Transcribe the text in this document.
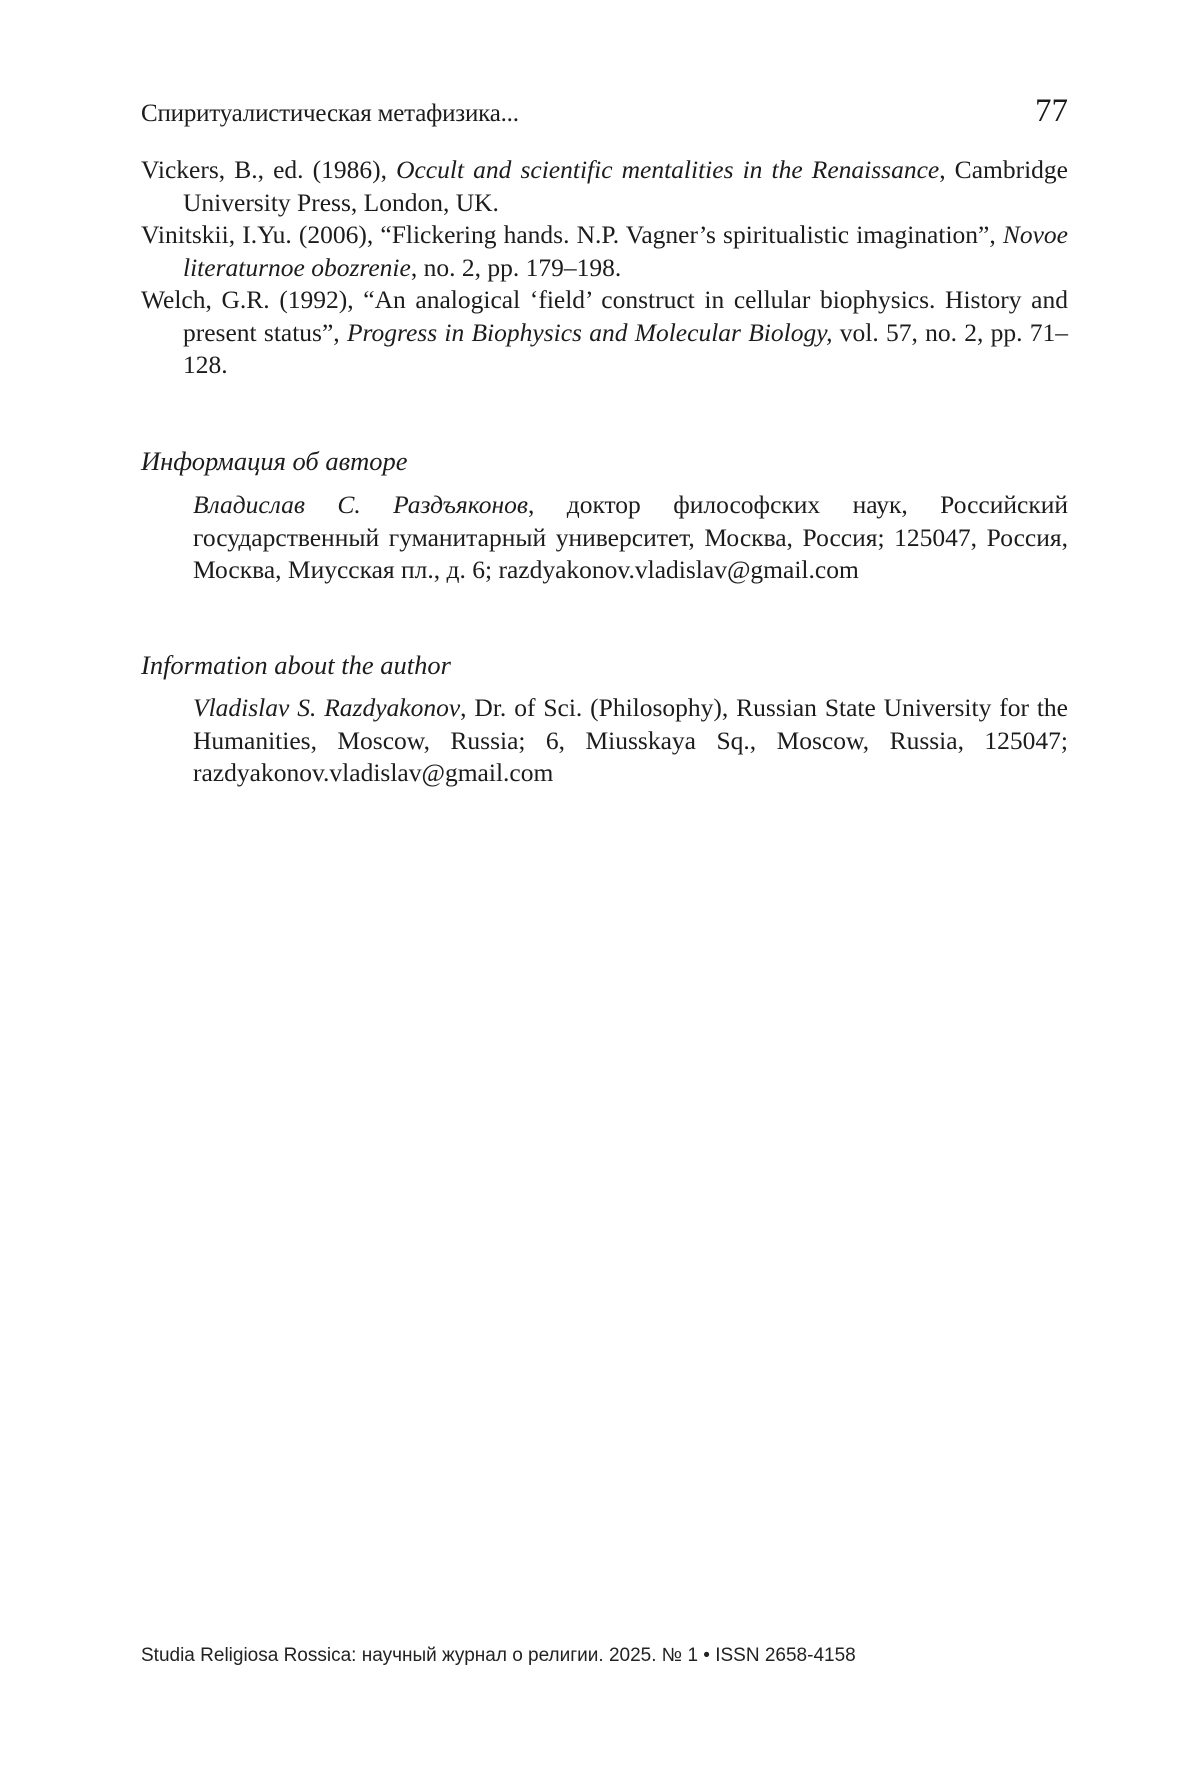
Спиритуалистическая метафизика...	77
Vickers, B., ed. (1986), Occult and scientific mentalities in the Renaissance, Cambridge University Press, London, UK.
Vinitskii, I.Yu. (2006), “Flickering hands. N.P. Vagner’s spiritualistic imagination”, Novoe literaturnoe obozrenie, no. 2, pp. 179–198.
Welch, G.R. (1992), “An analogical ‘field’ construct in cellular biophysics. History and present status”, Progress in Biophysics and Molecular Biology, vol. 57, no. 2, pp. 71–128.
Информация об авторе
Владислав С. Раздъяконов, доктор философских наук, Российский государственный гуманитарный университет, Москва, Россия; 125047, Россия, Москва, Миусская пл., д. 6; razdyakonov.vladislav@gmail.com
Information about the author
Vladislav S. Razdyakonov, Dr. of Sci. (Philosophy), Russian State University for the Humanities, Moscow, Russia; 6, Miusskaya Sq., Moscow, Russia, 125047; razdyakonov.vladislav@gmail.com
Studia Religiosa Rossica: научный журнал о религии. 2025. № 1 • ISSN 2658-4158
